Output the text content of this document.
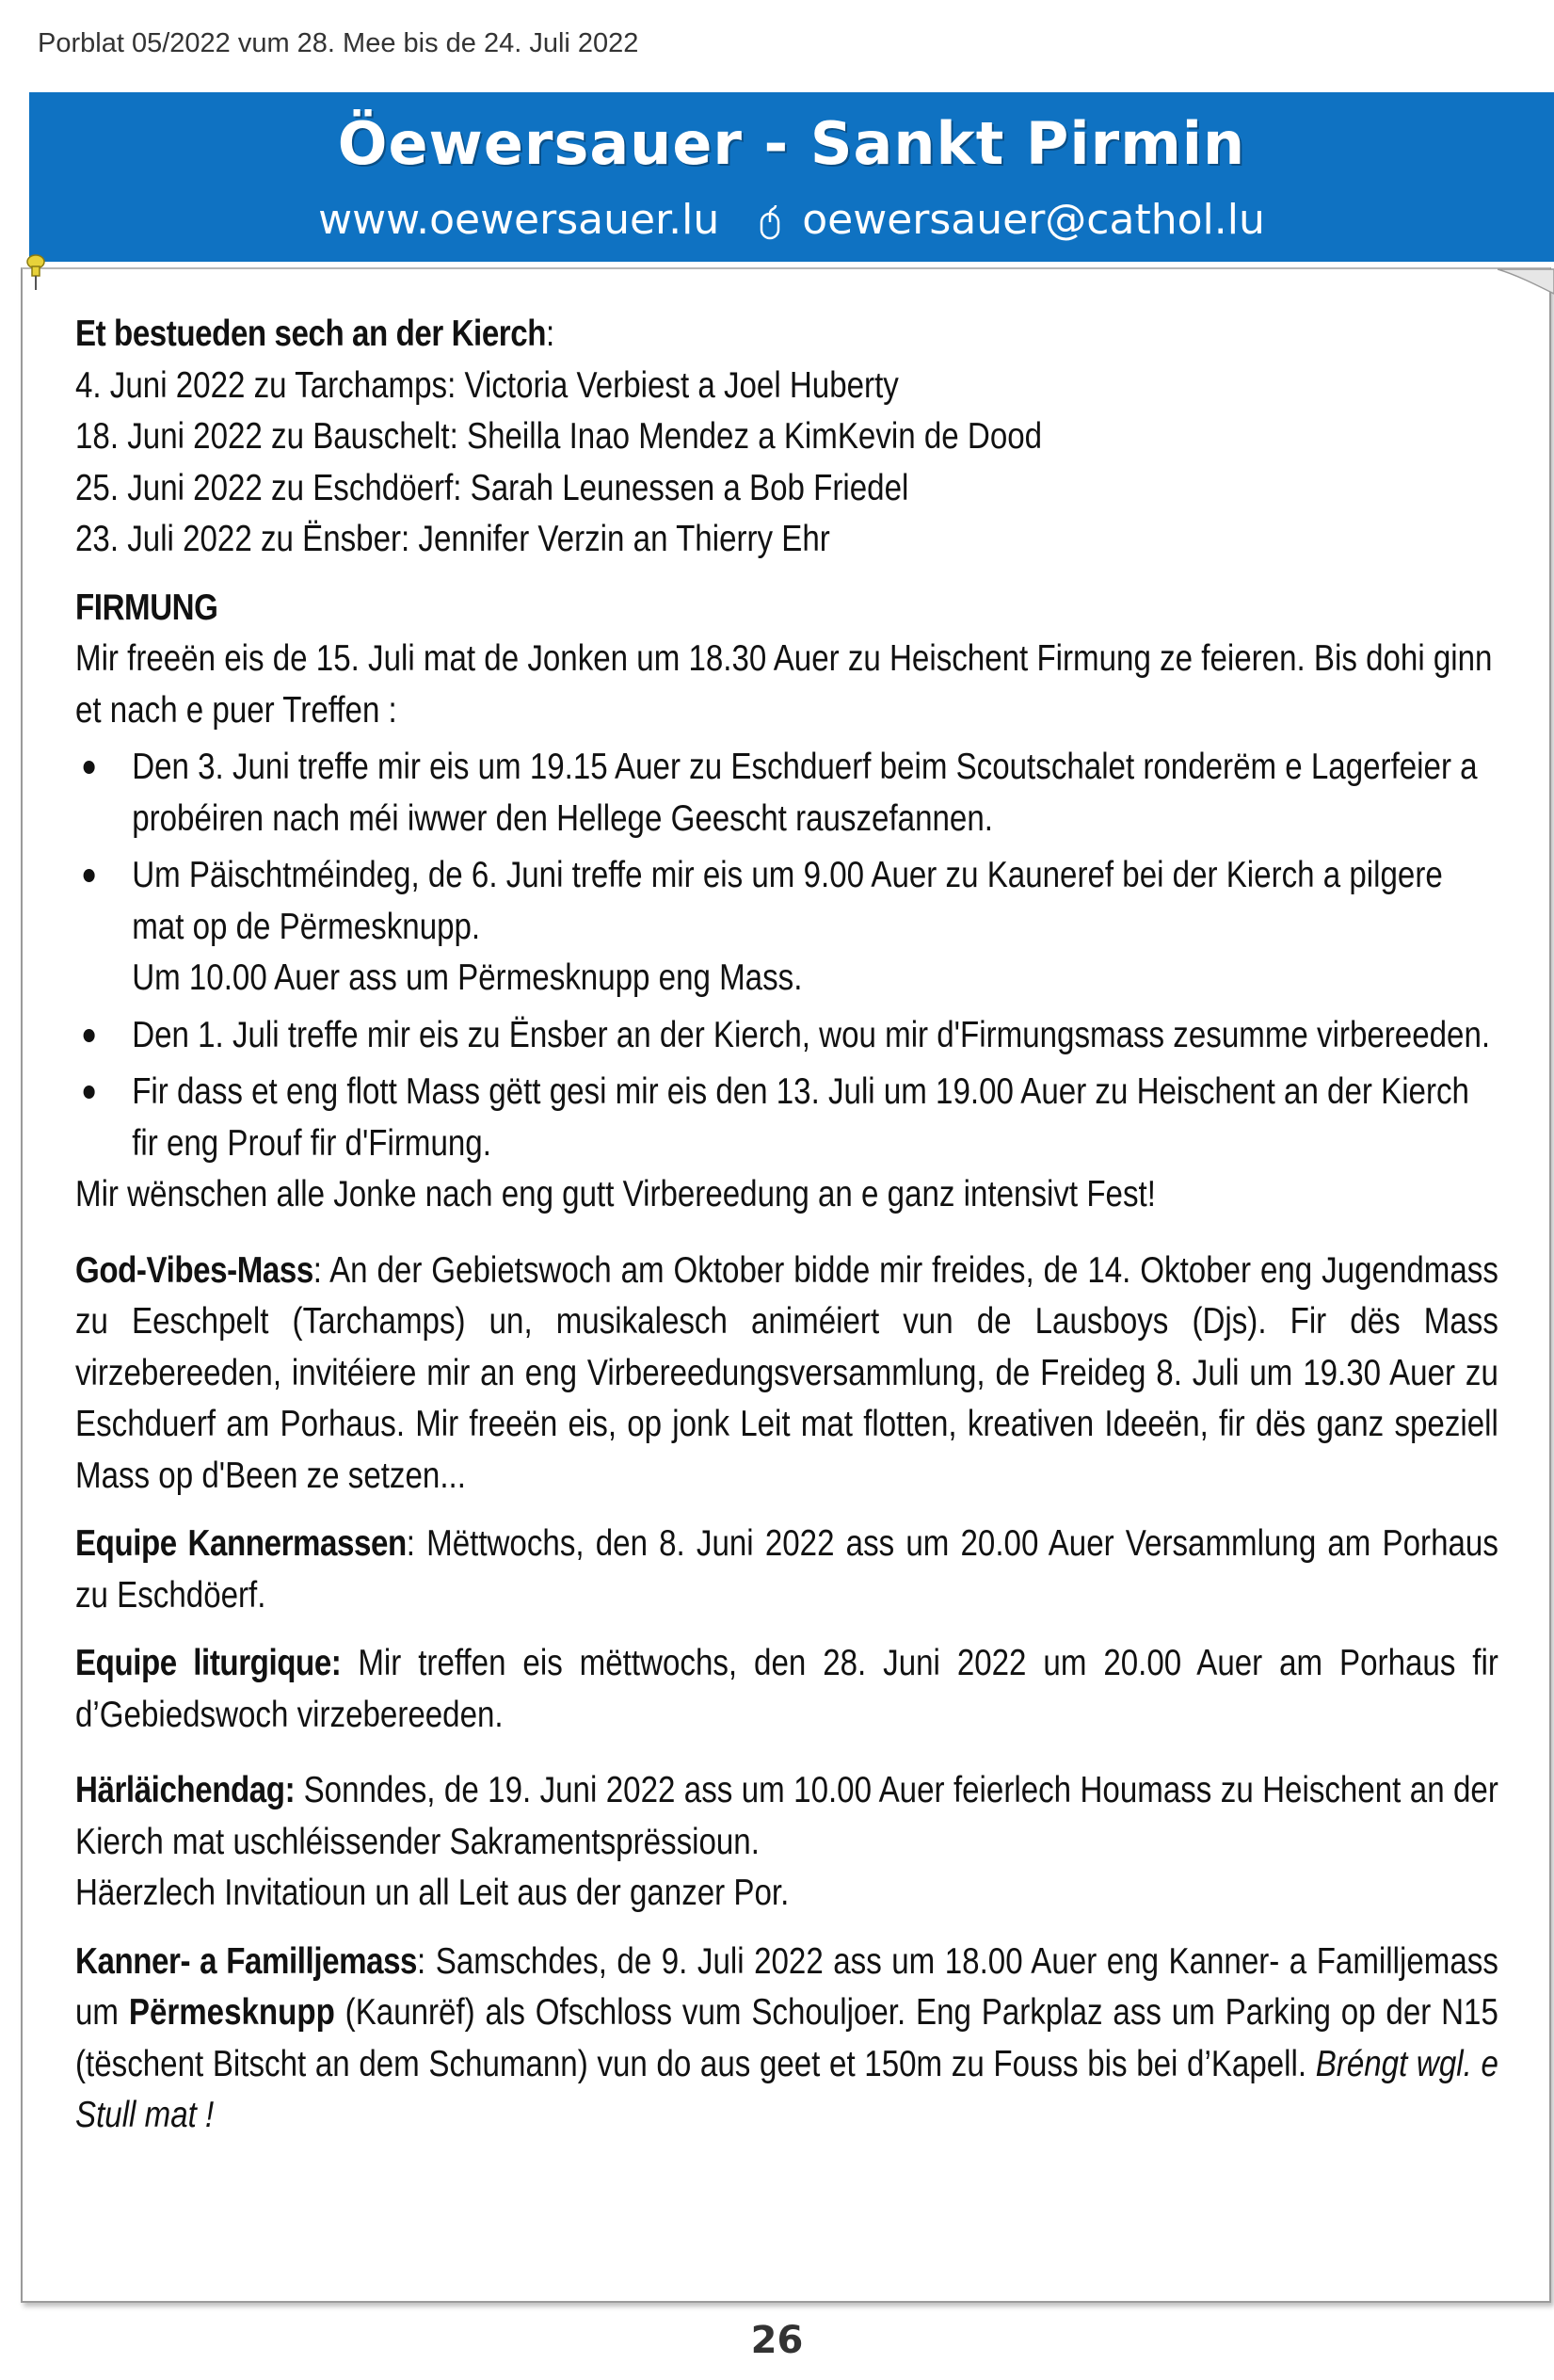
Porblat 05/2022 vum 28. Mee bis de 24. Juli 2022
Öewersauer - Sankt Pirmin
www.oewersauer.lu	oewersauer@cathol.lu

Et bestueden sech an der Kierch:

4. Juni 2022 zu Tarchamps: Victoria Verbiest a Joel Huberty

18. Juni 2022 zu Bauschelt: Sheilla Inao Mendez a KimKevin de Dood

25. Juni 2022 zu Eschdöerf: Sarah Leunessen a Bob Friedel

23. Juli 2022 zu Ënsber: Jennifer Verzin an Thierry Ehr

FIRMUNG

Mir freeën eis de 15. Juli mat de Jonken um 18.30 Auer zu Heischent Firmung ze feieren. Bis dohi ginn et nach e puer Treffen :

Den 3. Juni treffe mir eis um 19.15 Auer zu Eschduerf beim Scoutschalet ronderëm e Lagerfeier a probéiren nach méi iwwer den Hellege Geescht rauszefannen.
Um Päischtméindeg, de 6. Juni treffe mir eis um 9.00 Auer zu Kauneref bei der Kierch a pilgere mat op de Përmesknupp.
Um 10.00 Auer ass um Përmesknupp eng Mass.
Den 1. Juli treffe mir eis zu Ënsber an der Kierch, wou mir d'Firmungsmass zesumme virbereeden.
Fir dass et eng flott Mass gëtt gesi mir eis den 13. Juli um 19.00 Auer zu Heischent an der Kierch fir eng Prouf fir d'Firmung.

Mir wënschen alle Jonke nach eng gutt Virbereedung an e ganz intensivt Fest!

God-Vibes-Mass: An der Gebietswoch am Oktober bidde mir freides, de 14. Oktober eng Jugendmass zu Eeschpelt (Tarchamps) un, musikalesch animéiert vun de Lausboys (Djs). Fir dës Mass virzebereeden, invitéiere mir an eng Virbereedungsversammlung, de Freideg 8. Juli um 19.30 Auer zu Eschduerf am Porhaus. Mir freeën eis, op jonk Leit mat flotten, kreativen Ideeën, fir dës ganz speziell Mass op d'Been ze setzen...

Equipe Kannermassen: Mëttwochs, den 8. Juni 2022 ass um 20.00 Auer Versammlung am Porhaus zu Eschdöerf.

Equipe liturgique: Mir treffen eis mëttwochs, den 28. Juni 2022 um 20.00 Auer am Porhaus fir d’Gebiedswoch virzebereeden.

Härläichendag: Sonndes, de 19. Juni 2022 ass um 10.00 Auer feierlech Houmass zu Heischent an der Kierch mat uschléissender Sakramentsprëssioun.

Häerzlech Invitatioun un all Leit aus der ganzer Por.

Kanner- a Familljemass: Samschdes, de 9. Juli 2022 ass um 18.00 Auer eng Kanner- a Familljemass um Përmesknupp (Kaunrëf) als Ofschloss vum Schouljoer. Eng Parkplaz ass um Parking op der N15 (tëschent Bitscht an dem Schumann) vun do aus geet et 150m zu Fouss bis bei d’Kapell. Bréngt wgl. e Stull mat !

26
